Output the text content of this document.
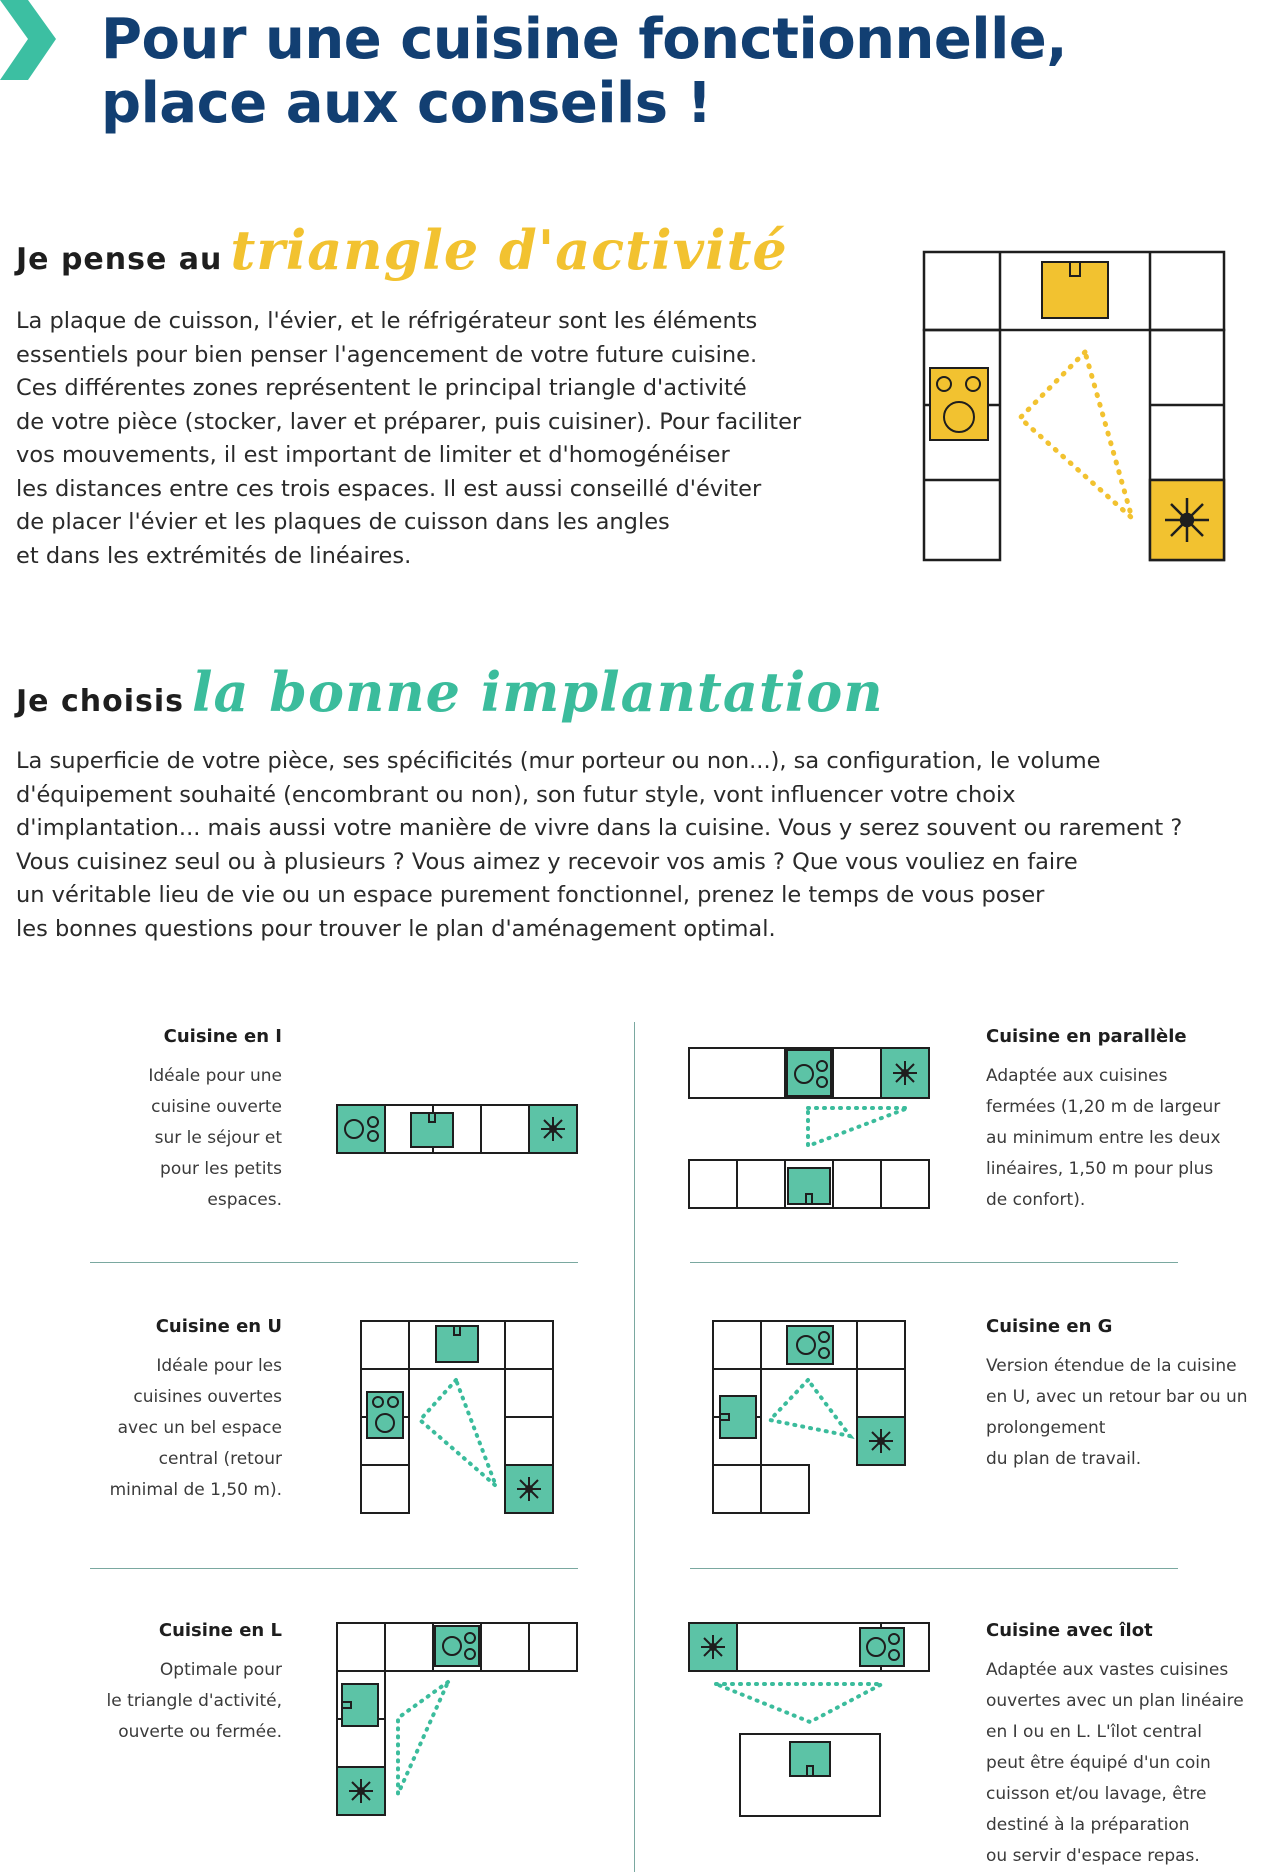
Pour une cuisine fonctionnelle,
place aux conseils !
Je pense au triangle d'activité

La plaque de cuisson, l'évier, et le réfrigérateur sont les éléments
essentiels pour bien penser l'agencement de votre future cuisine.
Ces différentes zones représentent le principal triangle d'activité
de votre pièce (stocker, laver et préparer, puis cuisiner). Pour faciliter
vos mouvements, il est important de limiter et d'homogénéiser
les distances entre ces trois espaces. Il est aussi conseillé d'éviter
de placer l'évier et les plaques de cuisson dans les angles
et dans les extrémités de linéaires.

Je choisis la bonne implantation

La superficie de votre pièce, ses spécificités (mur porteur ou non...), sa configuration, le volume
d'équipement souhaité (encombrant ou non), son futur style, vont influencer votre choix
d'implantation... mais aussi votre manière de vivre dans la cuisine. Vous y serez souvent ou rarement ?
Vous cuisinez seul ou à plusieurs ? Vous aimez y recevoir vos amis ? Que vous vouliez en faire
un véritable lieu de vie ou un espace purement fonctionnel, prenez le temps de vous poser
les bonnes questions pour trouver le plan d'aménagement optimal.

Cuisine en I

Idéale pour une
cuisine ouverte
sur le séjour et
pour les petits
espaces.

Cuisine en parallèle

Adaptée aux cuisines
fermées (1,20 m de largeur
au minimum entre les deux
linéaires, 1,50 m pour plus
de confort).

Cuisine en U

Idéale pour les
cuisines ouvertes
avec un bel espace
central (retour
minimal de 1,50 m).

Cuisine en G

Version étendue de la cuisine
en U, avec un retour bar ou un
prolongement
du plan de travail.

Cuisine en L

Optimale pour
le triangle d'activité,
ouverte ou fermée.

Cuisine avec îlot

Adaptée aux vastes cuisines
ouvertes avec un plan linéaire
en I ou en L. L'îlot central
peut être équipé d'un coin
cuisson et/ou lavage, être
destiné à la préparation
ou servir d'espace repas.
